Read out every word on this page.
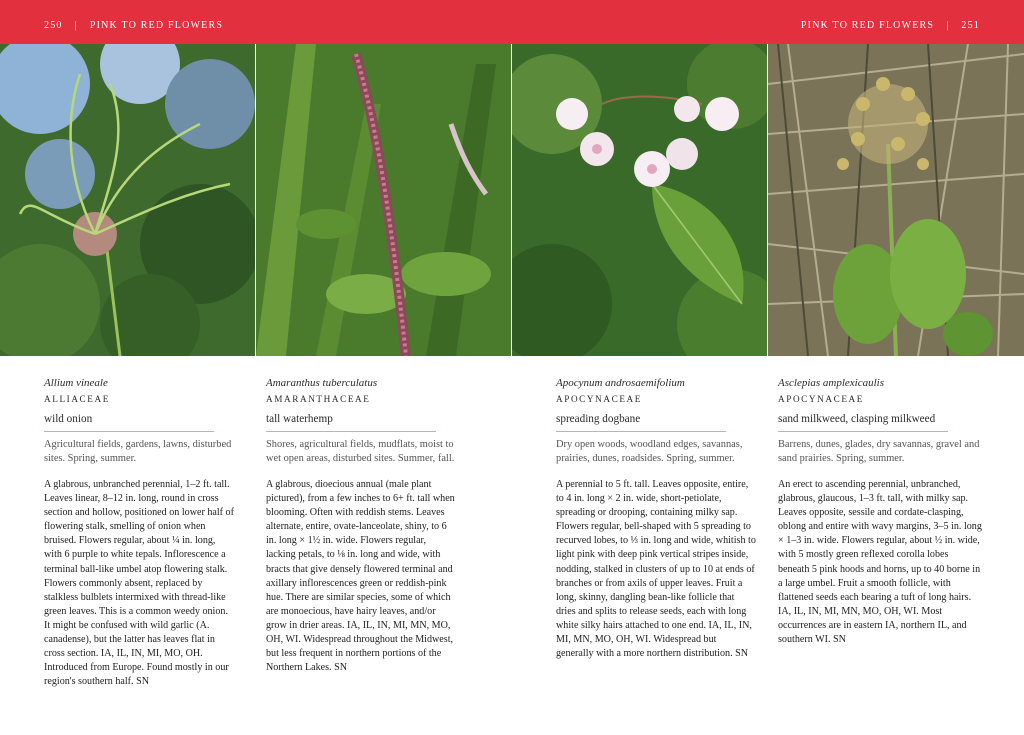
250 | PINK TO RED FLOWERS	PINK TO RED FLOWERS | 251
Allium vineale
ALLIACEAE
wild onion
Agricultural fields, gardens, lawns, disturbed sites. Spring, summer.
A glabrous, unbranched perennial, 1–2 ft. tall. Leaves linear, 8–12 in. long, round in cross section and hollow, positioned on lower half of flowering stalk, smelling of onion when bruised. Flowers regular, about ¼ in. long, with 6 purple to white tepals. Inflorescence a terminal ball-like umbel atop flowering stalk. Flowers commonly absent, replaced by stalkless bulblets intermixed with thread-like green leaves. This is a common weedy onion. It might be confused with wild garlic (A. canadense), but the latter has leaves flat in cross section. IA, IL, IN, MI, MO, OH. Introduced from Europe. Found mostly in our region's southern half. SN
Amaranthus tuberculatus
AMARANTHACEAE
tall waterhemp
Shores, agricultural fields, mudflats, moist to wet open areas, disturbed sites. Summer, fall.
A glabrous, dioecious annual (male plant pictured), from a few inches to 6+ ft. tall when blooming. Often with reddish stems. Leaves alternate, entire, ovate-lanceolate, shiny, to 6 in. long × 1½ in. wide. Flowers regular, lacking petals, to ⅛ in. long and wide, with bracts that give densely flowered terminal and axillary inflorescences green or reddish-pink hue. There are similar species, some of which are monoecious, have hairy leaves, and/or grow in drier areas. IA, IL, IN, MI, MN, MO, OH, WI. Widespread throughout the Midwest, but less frequent in northern portions of the Northern Lakes. SN
Apocynum androsaemifolium
APOCYNACEAE
spreading dogbane
Dry open woods, woodland edges, savannas, prairies, dunes, roadsides. Spring, summer.
A perennial to 5 ft. tall. Leaves opposite, entire, to 4 in. long × 2 in. wide, short-petiolate, spreading or drooping, containing milky sap. Flowers regular, bell-shaped with 5 spreading to recurved lobes, to ⅓ in. long and wide, whitish to light pink with deep pink vertical stripes inside, nodding, stalked in clusters of up to 10 at ends of branches or from axils of upper leaves. Fruit a long, skinny, dangling bean-like follicle that dries and splits to release seeds, each with long white silky hairs attached to one end. IA, IL, IN, MI, MN, MO, OH, WI. Widespread but generally with a more northern distribution. SN
Asclepias amplexicaulis
APOCYNACEAE
sand milkweed, clasping milkweed
Barrens, dunes, glades, dry savannas, gravel and sand prairies. Spring, summer.
An erect to ascending perennial, unbranched, glabrous, glaucous, 1–3 ft. tall, with milky sap. Leaves opposite, sessile and cordate-clasping, oblong and entire with wavy margins, 3–5 in. long × 1–3 in. wide. Flowers regular, about ½ in. wide, with 5 mostly green reflexed corolla lobes beneath 5 pink hoods and horns, up to 40 borne in a large umbel. Fruit a smooth follicle, with flattened seeds each bearing a tuft of long hairs. IA, IL, IN, MI, MN, MO, OH, WI. Most occurrences are in eastern IA, northern IL, and southern WI. SN
